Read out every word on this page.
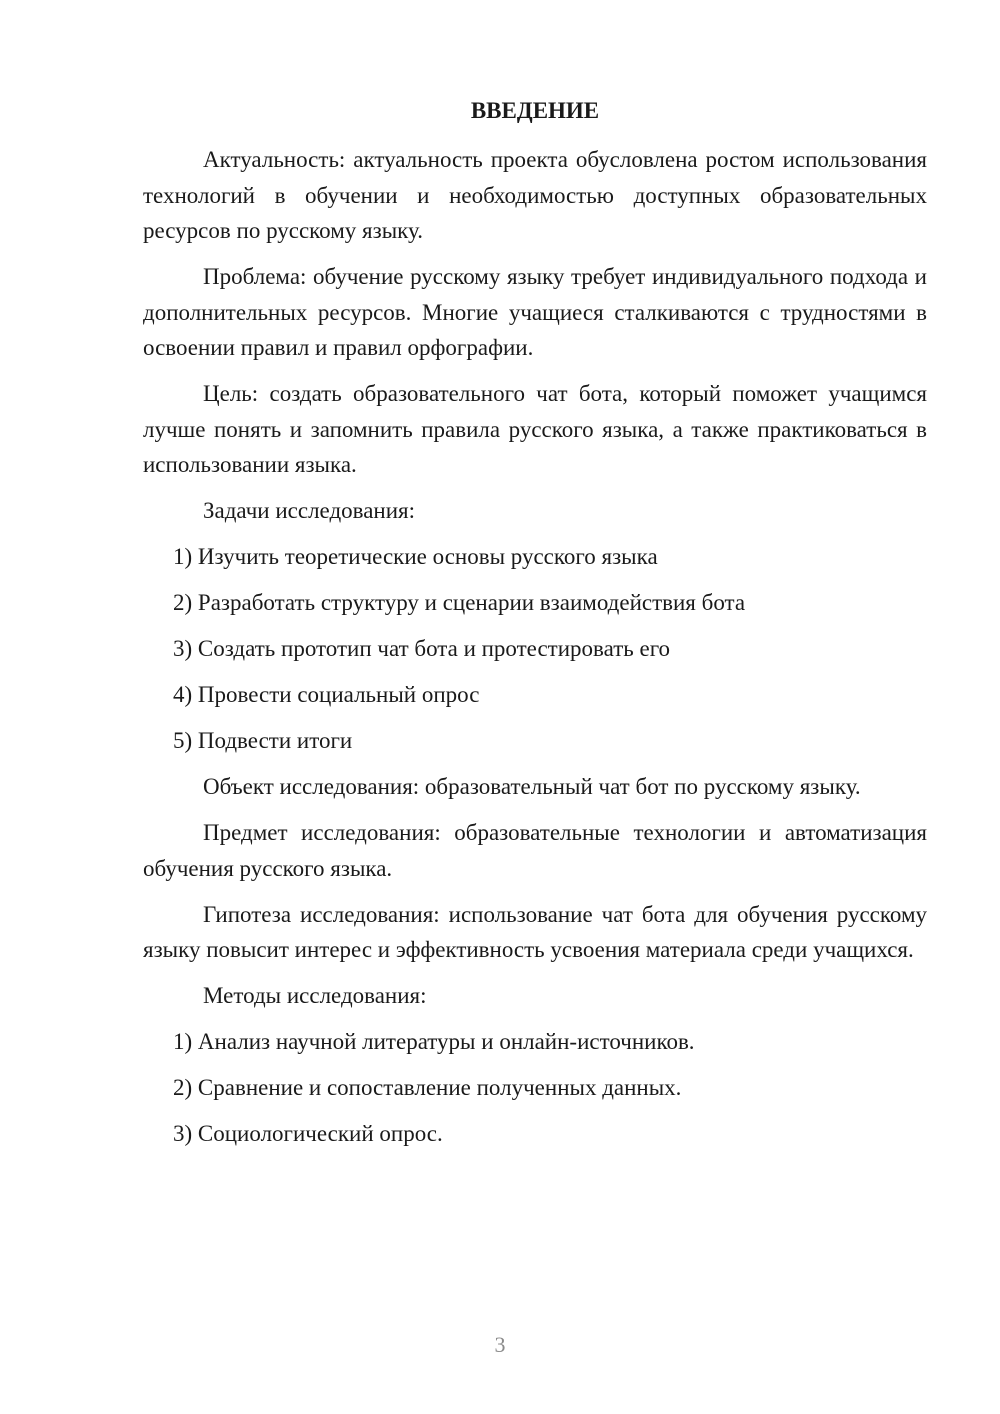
ВВЕДЕНИЕ

Актуальность: актуальность проекта обусловлена ростом использования технологий в обучении и необходимостью доступных образовательных ресурсов по русскому языку.

Проблема: обучение русскому языку требует индивидуального подхода и дополнительных ресурсов. Многие учащиеся сталкиваются с трудностями в освоении правил и правил орфографии.

Цель: создать образовательного чат бота, который поможет учащимся лучше понять и запомнить правила русского языка, а также практиковаться в использовании языка.

Задачи исследования:

1) Изучить теоретические основы русского языка

2) Разработать структуру и сценарии взаимодействия бота

3) Создать прототип чат бота и протестировать его

4) Провести социальный опрос

5) Подвести итоги

Объект исследования: образовательный чат бот по русскому языку.

Предмет исследования: образовательные технологии и автоматизация обучения русского языка.

Гипотеза исследования: использование чат бота для обучения русскому языку повысит интерес и эффективность усвоения материала среди учащихся.

Методы исследования:

1) Анализ научной литературы и онлайн-источников.

2) Сравнение и сопоставление полученных данных.

3) Социологический опрос.

3
